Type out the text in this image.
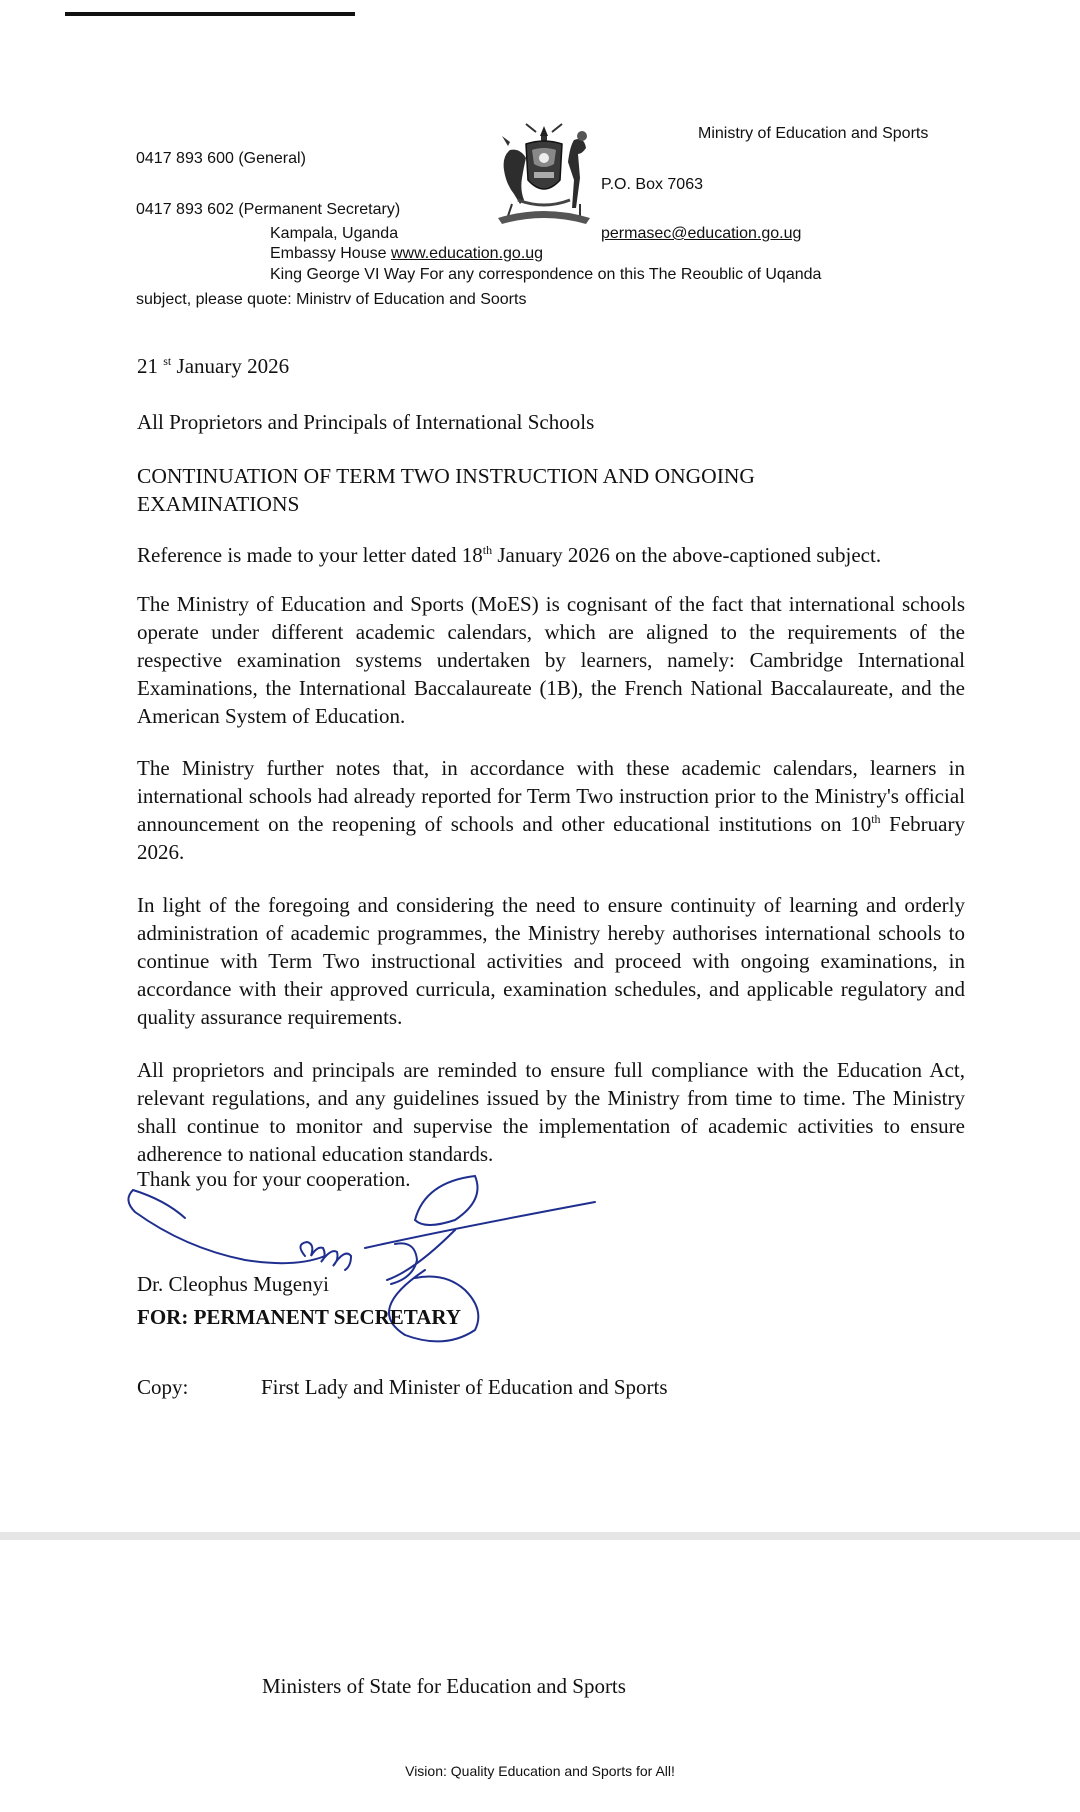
Ministry of Education and Sports
0417 893 600 (General)
P.O. Box 7063
0417 893 602 (Permanent Secretary)
Kampala, Uganda	permasec@education.go.ug
Embassy House www.education.go.ug
King George VI Way For any correspondence on this The Reoublic of Uqanda
subject, please quote: Ministrv of Education and Soorts
21 $^{st}$ January 2026
All Proprietors and Principals of International Schools
CONTINUATION OF TERM TWO INSTRUCTION AND ONGOING
EXAMINATIONS
Reference is made to your letter dated 18th January 2026 on the above-captioned subject.
The Ministry of Education and Sports (MoES) is cognisant of the fact that international schools operate under different academic calendars, which are aligned to the requirements of the respective examination systems undertaken by learners, namely: Cambridge International Examinations, the International Baccalaureate (1B), the French National Baccalaureate, and the American System of Education.
The Ministry further notes that, in accordance with these academic calendars, learners in international schools had already reported for Term Two instruction prior to the Ministry's official announcement on the reopening of schools and other educational institutions on 10th February 2026.
In light of the foregoing and considering the need to ensure continuity of learning and orderly administration of academic programmes, the Ministry hereby authorises international schools to continue with Term Two instructional activities and proceed with ongoing examinations, in accordance with their approved curricula, examination schedules, and applicable regulatory and quality assurance requirements.
All proprietors and principals are reminded to ensure full compliance with the Education Act, relevant regulations, and any guidelines issued by the Ministry from time to time. The Ministry shall continue to monitor and supervise the implementation of academic activities to ensure adherence to national education standards.
Thank you for your cooperation.
Dr. Cleophus Mugenyi
FOR: PERMANENT SECRETARY
Copy:	First Lady and Minister of Education and Sports
Ministers of State for Education and Sports
Vision: Quality Education and Sports for All!
